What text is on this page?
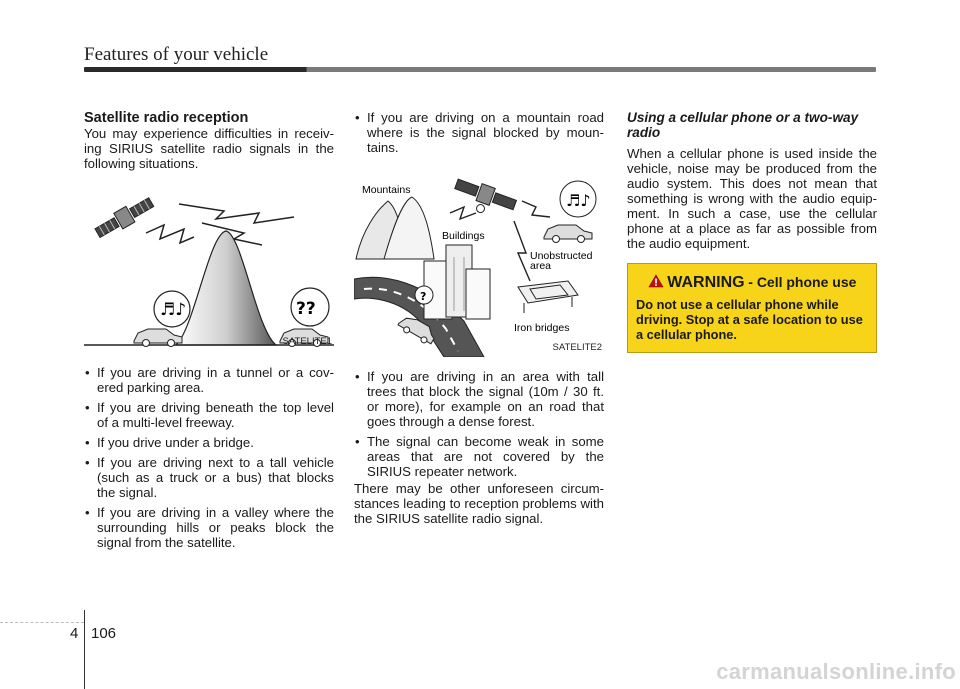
Features of your vehicle
Satellite radio reception

You may experience difficulties in receiv- ing SIRIUS satellite radio signals in the following situations.

♬♪	??
SATELITE1
• If you are driving in a tunnel or a cov- ered parking area.
• If you are driving beneath the top level of a multi-level freeway.
• If you drive under a bridge.
• If you are driving next to a tall vehicle (such as a truck or a bus) that blocks the signal.
• If you are driving in a valley where the surrounding hills or peaks block the signal from the satellite.
• If you are driving on a mountain road where is the signal blocked by moun- tains.
Mountains
Buildings
♬♪
Unobstructed
area
Iron bridges
?
SATELITE2
• If you are driving in an area with tall trees that block the signal (10m / 30 ft. or more), for example on an road that goes through a dense forest.
• The signal can become weak in some areas that are not covered by the SIRIUS repeater network.

There may be other unforeseen circum- stances leading to reception problems with the SIRIUS satellite radio signal.

Using a cellular phone or a two-way radio

When a cellular phone is used inside the vehicle, noise may be produced from the audio system. This does not mean that something is wrong with the audio equip- ment. In such a case, use the cellular phone at a place as far as possible from the audio equipment.

WARNING - Cell phone use
Do not use a cellular phone while driving. Stop at a safe location to use a cellular phone.
4 106
carmanualsonline.info
